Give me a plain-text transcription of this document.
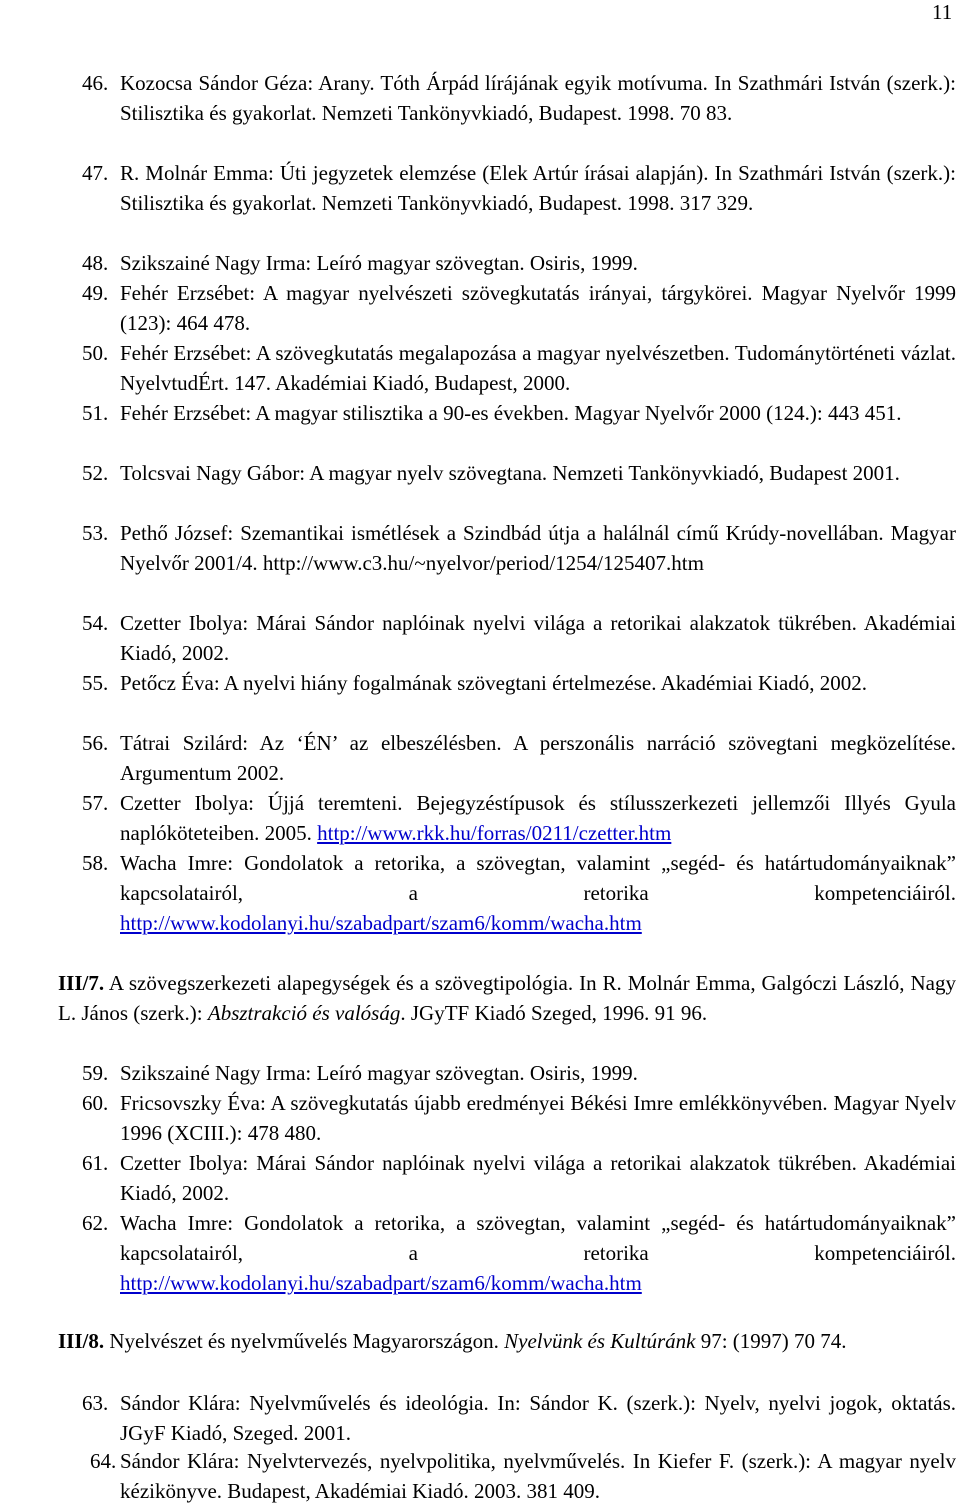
11
46. Kozocsa Sándor Géza: Arany. Tóth Árpád lírájának egyik motívuma. In Szathmári István (szerk.): Stilisztika és gyakorlat. Nemzeti Tankönyvkiadó, Budapest. 1998. 70 83.
47. R. Molnár Emma: Úti jegyzetek elemzése (Elek Artúr írásai alapján). In Szathmári István (szerk.): Stilisztika és gyakorlat. Nemzeti Tankönyvkiadó, Budapest. 1998. 317 329.
48. Szikszainé Nagy Irma: Leíró magyar szövegtan. Osiris, 1999.
49. Fehér Erzsébet: A magyar nyelvészeti szövegkutatás irányai, tárgykörei. Magyar Nyelvőr 1999 (123): 464 478.
50. Fehér Erzsébet: A szövegkutatás megalapozása a magyar nyelvészetben. Tudománytörténeti vázlat. NyelvtudÉrt. 147. Akadémiai Kiadó, Budapest, 2000.
51. Fehér Erzsébet: A magyar stilisztika a 90-es években. Magyar Nyelvőr 2000 (124.): 443 451.
52. Tolcsvai Nagy Gábor: A magyar nyelv szövegtana. Nemzeti Tankönyvkiadó, Budapest 2001.
53. Pethő József: Szemantikai ismétlések a Szindbád útja a halálnál című Krúdy-novellában. Magyar Nyelvőr 2001/4. http://www.c3.hu/~nyelvor/period/1254/125407.htm
54. Czetter Ibolya: Márai Sándor naplóinak nyelvi világa a retorikai alakzatok tükrében. Akadémiai Kiadó, 2002.
55. Petőcz Éva: A nyelvi hiány fogalmának szövegtani értelmezése. Akadémiai Kiadó, 2002.
56. Tátrai Szilárd: Az ‘ÉN’ az elbeszélésben. A perszonális narráció szövegtani megközelítése. Argumentum 2002.
57. Czetter Ibolya: Újjá teremteni. Bejegyzéstípusok és stílusszerkezeti jellemzői Illyés Gyula naplóköteteiben. 2005. http://www.rkk.hu/forras/0211/czetter.htm
58. Wacha Imre: Gondolatok a retorika, a szövegtan, valamint „segéd- és határtudományaiknak” kapcsolatairól, a retorika kompetenciáiról. http://www.kodolanyi.hu/szabadpart/szam6/komm/wacha.htm
III/7. A szövegszerkezeti alapegységek és a szövegtipológia. In R. Molnár Emma, Galgóczi László, Nagy L. János (szerk.): Absztrakció és valóság. JGyTF Kiadó Szeged, 1996. 91 96.
59. Szikszainé Nagy Irma: Leíró magyar szövegtan. Osiris, 1999.
60. Fricsovszky Éva: A szövegkutatás újabb eredményei Békési Imre emlékkönyvében. Magyar Nyelv 1996 (XCIII.): 478 480.
61. Czetter Ibolya: Márai Sándor naplóinak nyelvi világa a retorikai alakzatok tükrében. Akadémiai Kiadó, 2002.
62. Wacha Imre: Gondolatok a retorika, a szövegtan, valamint „segéd- és határtudományaiknak” kapcsolatairól, a retorika kompetenciáiról. http://www.kodolanyi.hu/szabadpart/szam6/komm/wacha.htm
III/8. Nyelvészet és nyelvművelés Magyarországon. Nyelvünk és Kultúránk 97: (1997) 70 74.
63. Sándor Klára: Nyelvművelés és ideológia. In: Sándor K. (szerk.): Nyelv, nyelvi jogok, oktatás. JGyF Kiadó, Szeged. 2001.
64. Sándor Klára: Nyelvtervezés, nyelvpolitika, nyelvművelés. In Kiefer F. (szerk.): A magyar nyelv kézikönyve. Budapest, Akadémiai Kiadó. 2003. 381 409.
